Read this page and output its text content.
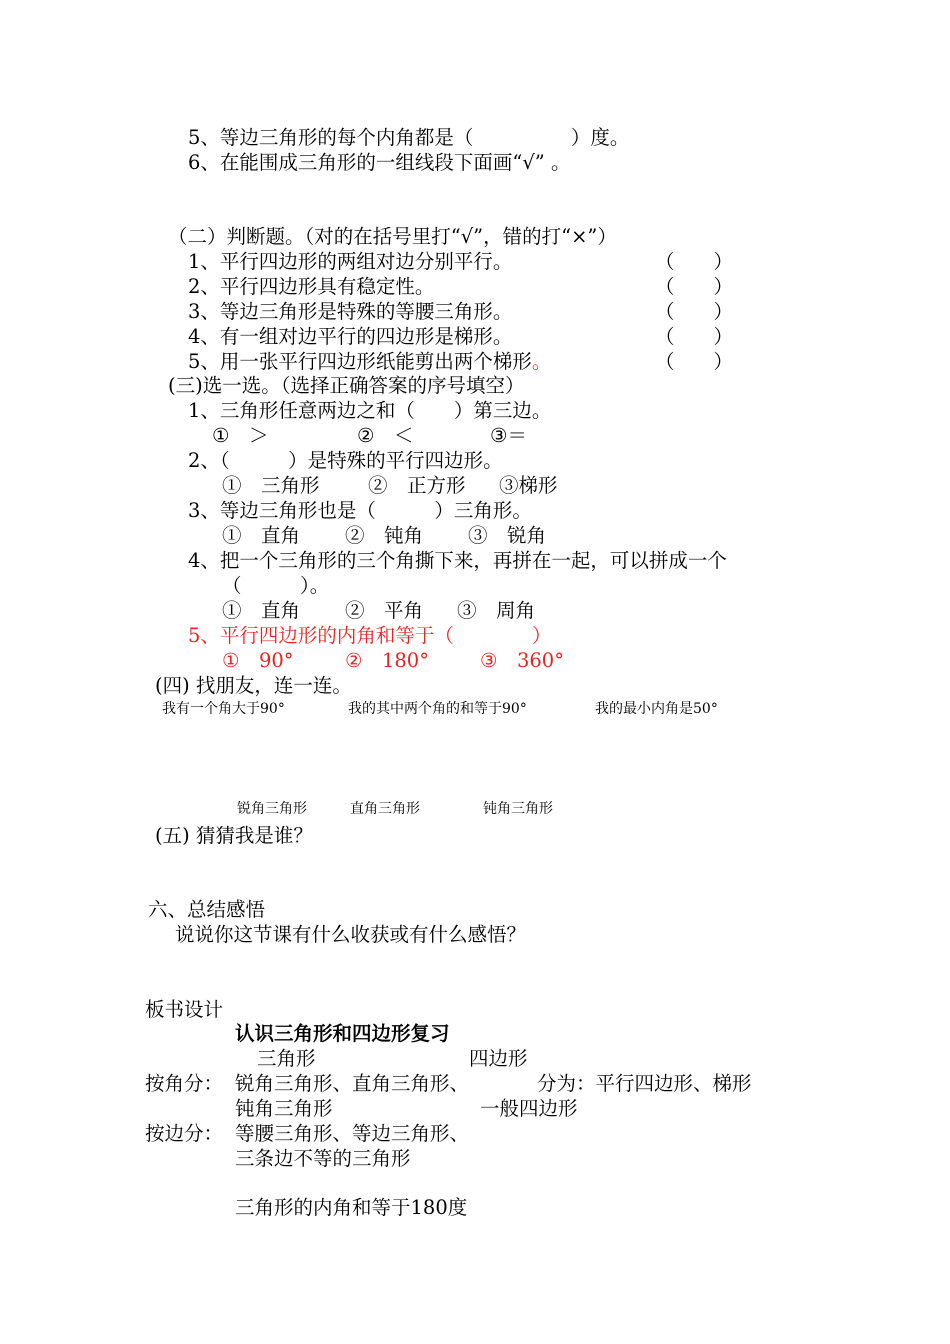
5、等边三角形的每个内角都是（　　　　　）度。
6、在能围成三角形的一组线段下面画“√” 。
（二）判断题。（对的在括号里打“√”，错的打“×”）
1、平行四边形的两组对边分别平行。	（　　）
2、平行四边形具有稳定性。	（　　）
3、等边三角形是特殊的等腰三角形。	（　　）
4、有一组对边平行的四边形是梯形。	（　　）
5、用一张平行四边形纸能剪出两个梯形。	（　　）
(三)选一选。（选择正确答案的序号填空）
1、三角形任意两边之和（　　）第三边。
①　＞	②　＜	③＝
2、（　　　）是特殊的平行四边形。
①　三角形 ②　正方形 ③梯形
3、等边三角形也是（　　　）三角形。
①　直角 ②　钝角 ③　锐角
4、把一个三角形的三个角撕下来，再拼在一起，可以拼成一个
（　　　）。
①　直角 ②　平角 ③　周角
5、平行四边形的内角和等于（　　　　）
①　90°	②　180°	③　360°
(四) 找朋友，连一连。
我有一个角大于90°	我的其中两个角的和等于90°	我的最小内角是50°
锐角三角形	直角三角形	钝角三角形
(五) 猜猜我是谁？
六、总结感悟
说说你这节课有什么收获或有什么感悟？
板书设计
认识三角形和四边形复习
三角形	四边形
按角分： 锐角三角形、直角三角形、	分为：平行四边形、梯形
钝角三角形	一般四边形
按边分： 等腰三角形、等边三角形、
三条边不等的三角形
三角形的内角和等于180度
